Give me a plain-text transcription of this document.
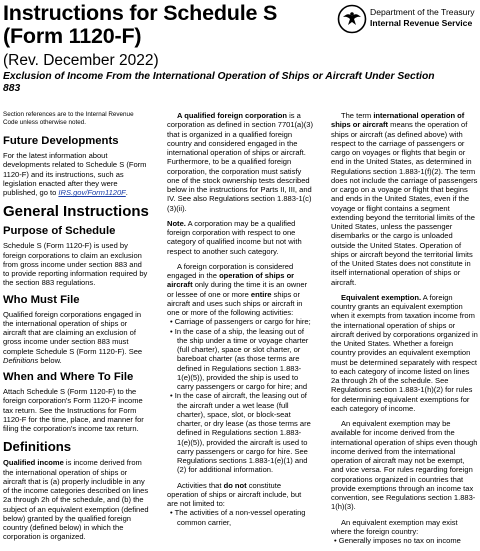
Instructions for Schedule S
(Form 1120-F)
(Rev. December 2022)
Exclusion of Income From the International Operation of Ships or Aircraft Under Section 883
Department of the Treasury
Internal Revenue Service

Section references are to the Internal Revenue Code unless otherwise noted.

Future Developments

For the latest information about developments related to Schedule S (Form 1120-F) and its instructions, such as legislation enacted after they were published, go to IRS.gov/Form1120F.

General Instructions
Purpose of Schedule

Schedule S (Form 1120-F) is used by foreign corporations to claim an exclusion from gross income under section 883 and to provide reporting information required by the section 883 regulations.

Who Must File

Qualified foreign corporations engaged in the international operation of ships or aircraft that are claiming an exclusion of gross income under section 883 must complete Schedule S (Form 1120-F). See Definitions below.

When and Where To File

Attach Schedule S (Form 1120-F) to the foreign corporation's Form 1120-F income tax return. See the Instructions for Form 1120-F for the time, place, and manner for filing the corporation's income tax return.

Definitions

Qualified income is income derived from the international operation of ships or aircraft that is (a) properly includible in any of the income categories described on lines 2a through 2h of the schedule, and (b) the subject of an equivalent exemption (defined below) granted by the qualified foreign country (defined below) in which the corporation is organized.

A qualified foreign corporation is a corporation as defined in section 7701(a)(3) that is organized in a qualified foreign country and considered engaged in the international operation of ships or aircraft. Furthermore, to be a qualified foreign corporation, the corporation must satisfy one of the stock ownership tests described below in the instructions for Parts II, III, and IV. See also Regulations section 1.883-1(c)(3)(ii).

Note. A corporation may be a qualified foreign corporation with respect to one category of qualified income but not with respect to another such category.

A foreign corporation is considered engaged in the operation of ships or aircraft only during the time it is an owner or lessee of one or more entire ships or aircraft and uses such ships or aircraft in one or more of the following activities:
• Carriage of passengers or cargo for hire;
• In the case of a ship, the leasing out of the ship under a time or voyage charter (full charter), space or slot charter, or bareboat charter (as those terms are defined in Regulations section 1.883-1(e)(5)), provided the ship is used to carry passengers or cargo for hire; and
• In the case of aircraft, the leasing out of the aircraft under a wet lease (full charter), space, slot, or block-seat charter, or dry lease (as those terms are defined in Regulations section 1.883-1(e)(5)), provided the aircraft is used to carry passengers or cargo for hire. See Regulations sections 1.883-1(e)(1) and (2) for additional information.

Activities that do not constitute operation of ships or aircraft include, but are not limited to:
• The activities of a non-vessel operating common carrier,

The term international operation of ships or aircraft means the operation of ships or aircraft (as defined above) with respect to the carriage of passengers or cargo on voyages or flights that begin or end in the United States, as determined in Regulations section 1.883-1(f)(2). The term does not include the carriage of passengers or cargo on a voyage or flight that begins and ends in the United States, even if the voyage or flight contains a segment extending beyond the territorial limits of the United States, unless the passenger disembarks or the cargo is unloaded outside the United States. Operation of ships or aircraft beyond the territorial limits of the United States does not constitute in itself international operation of ships or aircraft.

Equivalent exemption. A foreign country grants an equivalent exemption when it exempts from taxation income from the international operation of ships or aircraft derived by corporations organized in the United States. Whether a foreign country provides an equivalent exemption must be determined separately with respect to each category of income listed on lines 2a through 2h of the schedule. See Regulations section 1.883-1(h)(2) for rules for determining equivalent exemptions for each category of income.

An equivalent exemption may be available for income derived from the international operation of ships even though income derived from the international operation of aircraft may not be exempt, and vice versa. For rules regarding foreign corporations organized in countries that provide exemptions through an income tax convention, see Regulations section 1.883-1(h)(3).

An equivalent exemption may exist where the foreign country:
• Generally imposes no tax on income
